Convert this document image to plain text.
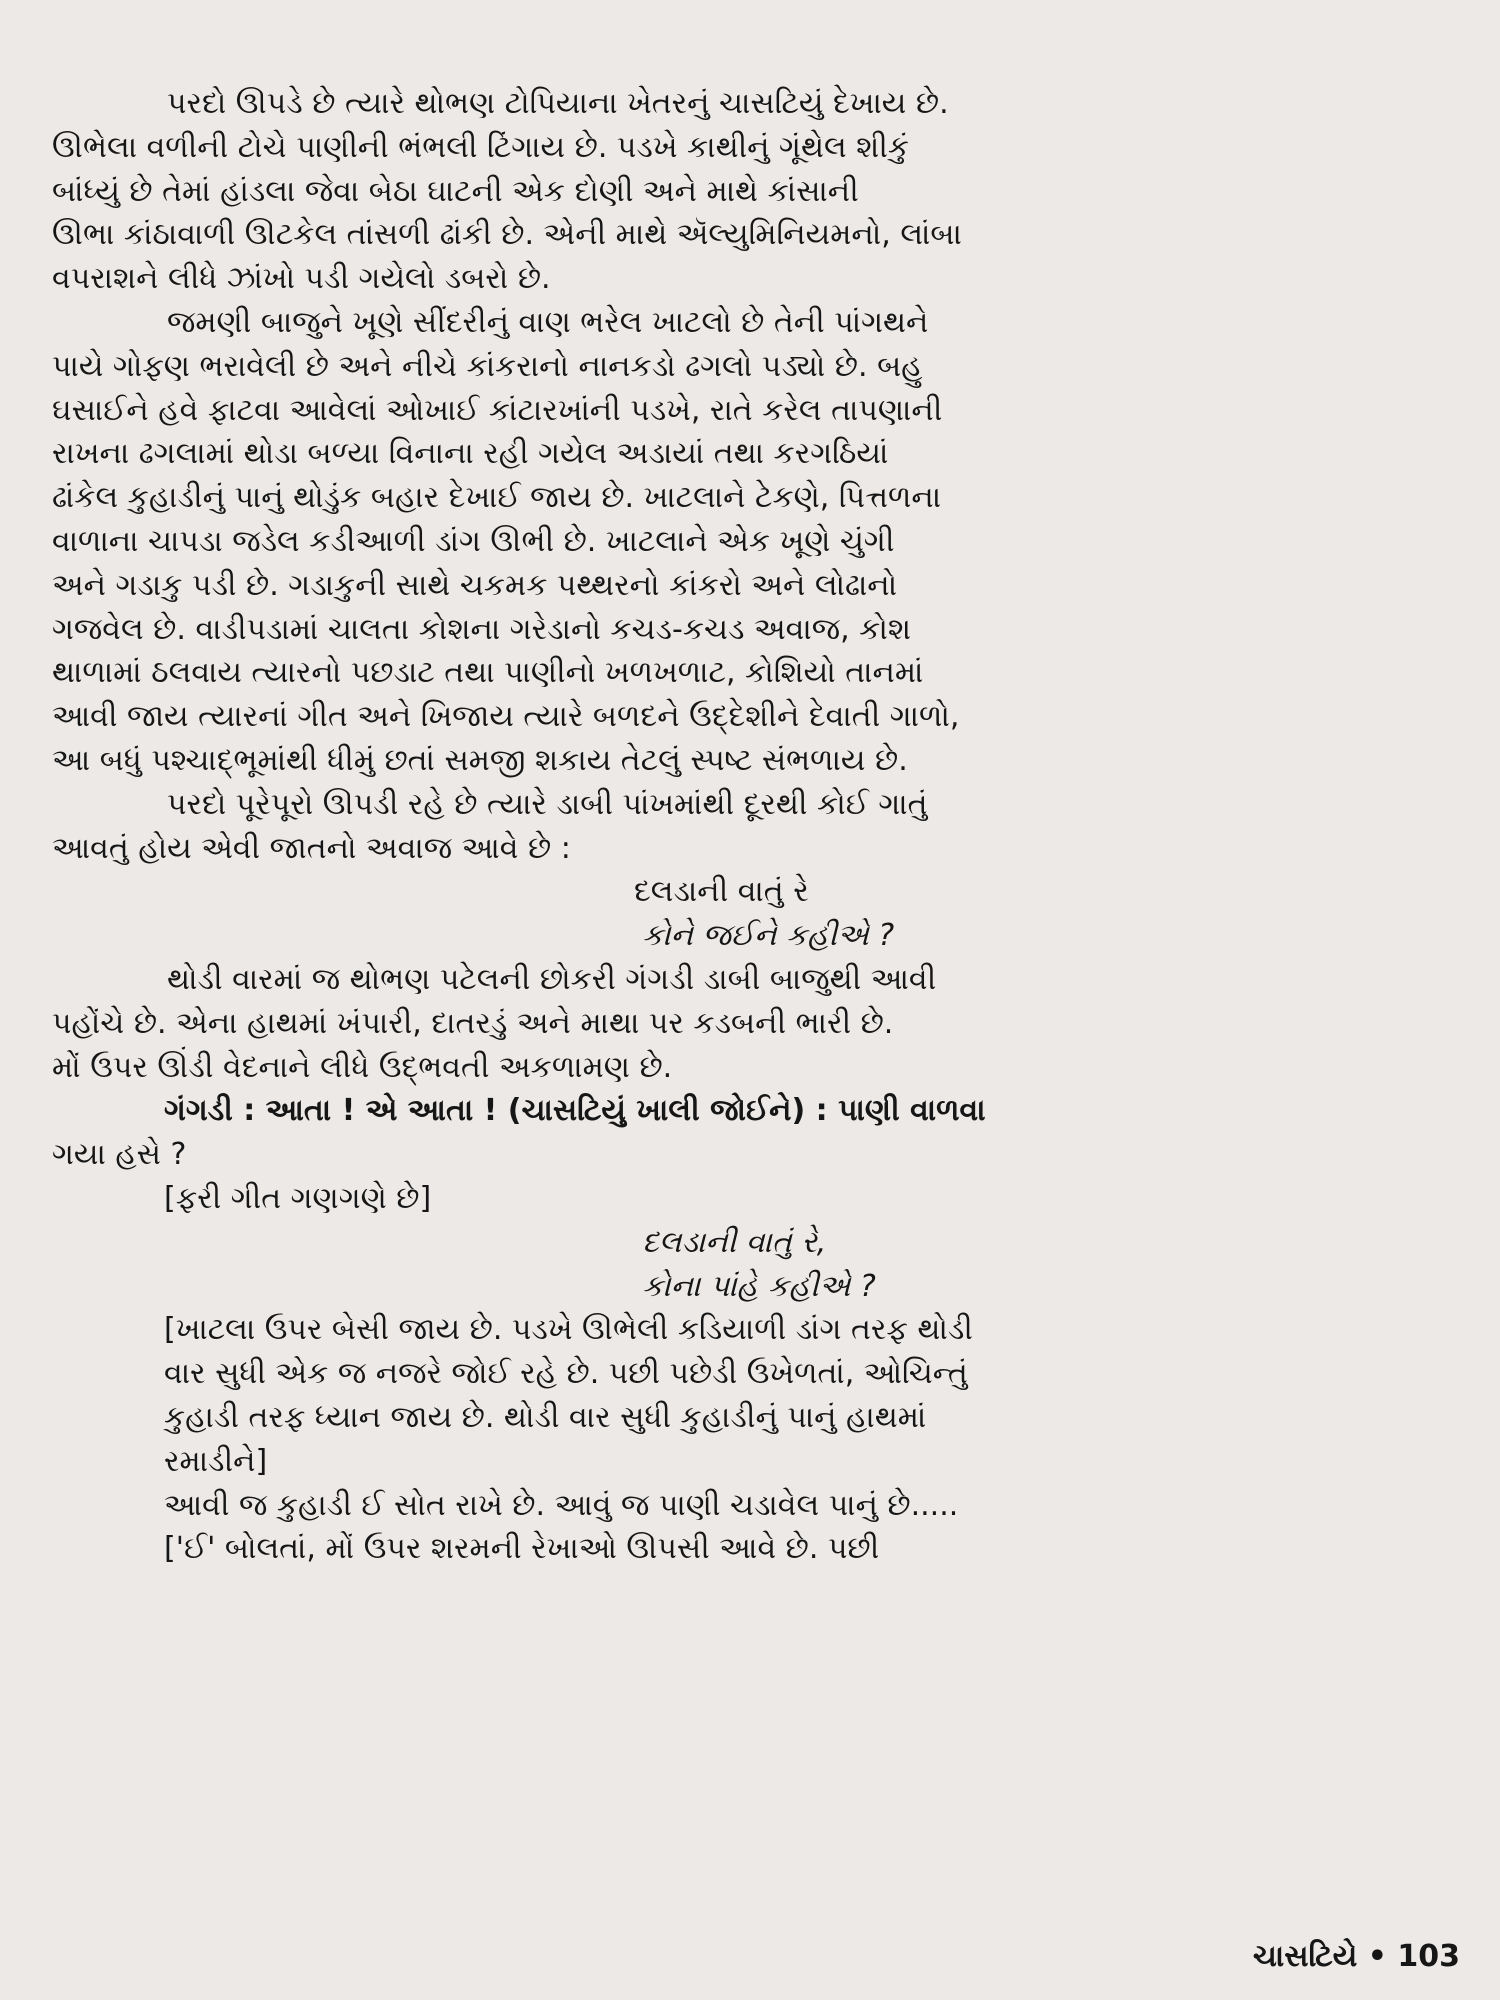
પરદો ઊપડે છે ત્યારે થોભણ ટોપિયાના ખેતરનું ચાસટિયું દેખાય છે.
ઊભેલા વળીની ટોચે પાણીની ભંભલી ટિંગાય છે. પડખે કાથીનું ગૂંથેલ શીકું
બાંધ્યું છે તેમાં હાંડલા જેવા બેઠા ઘાટની એક દોણી અને માથે કાંસાની
ઊભા કાંઠાવાળી ઊટકેલ તાંસળી ઢાંકી છે. એની માથે ઍલ્યુમિનિયમનો, લાંબા
વપરાશને લીધે ઝાંખો પડી ગયેલો ડબરો છે.
જમણી બાજુને ખૂણે સીંદરીનું વાણ ભરેલ ખાટલો છે તેની પાંગથને
પાયે ગોફણ ભરાવેલી છે અને નીચે કાંકરાનો નાનકડો ઢગલો પડ્યો છે. બહુ
ઘસાઈને હવે ફાટવા આવેલાં ઓખાઈ કાંટારખાંની પડખે, રાતે કરેલ તાપણાની
રાખના ઢગલામાં થોડા બળ્યા વિનાના રહી ગયેલ અડાયાં તથા કરગઠિયાં
ઢાંકેલ કુહાડીનું પાનું થોડુંક બહાર દેખાઈ જાય છે. ખાટલાને ટેકણે, પિત્તળના
વાળાના ચાપડા જડેલ કડીઆળી ડાંગ ઊભી છે. ખાટલાને એક ખૂણે ચુંગી
અને ગડાકુ પડી છે. ગડાકુની સાથે ચકમક પથ્થરનો કાંકરો અને લોઢાનો
ગજવેલ છે. વાડીપડામાં ચાલતા કોશના ગરેડાનો કચડ-કચડ અવાજ, કોશ
થાળામાં ઠલવાય ત્યારનો પછડાટ તથા પાણીનો ખળખળાટ, કોશિયો તાનમાં
આવી જાય ત્યારનાં ગીત અને ખિજાય ત્યારે બળદને ઉદ્દેશીને દેવાતી ગાળો,
આ બધું પશ્ચાદ્‌ભૂમાંથી ધીમું છતાં સમજી શકાય તેટલું સ્પષ્ટ સંભળાય છે.
પરદો પૂરેપૂરો ઊપડી રહે છે ત્યારે ડાબી પાંખમાંથી દૂરથી કોઈ ગાતું
આવતું હોય એવી જાતનો અવાજ આવે છે :
દલડાની વાતું રે
કોને જઈને કહીએ ?
થોડી વારમાં જ થોભણ પટેલની છોકરી ગંગડી ડાબી બાજુથી આવી
પહોંચે છે. એના હાથમાં ખંપારી, દાતરડું અને માથા પર કડબની ભારી છે.
મોં ઉપર ઊંડી વેદનાને લીધે ઉદ્‌ભવતી અકળામણ છે.
ગંગડી : આતા ! એ આતા ! (ચાસટિયું ખાલી જોઈને) : પાણી વાળવા
ગયા હસે ?
[ફરી ગીત ગણગણે છે]
દલડાની વાતું રે,
કોના પાંહે કહીએ ?
[ખાટલા ઉપર બેસી જાય છે. પડખે ઊભેલી કડિયાળી ડાંગ તરફ થોડી
વાર સુધી એક જ નજરે જોઈ રહે છે. પછી પછેડી ઉખેળતાં, ઓચિન્તું
કુહાડી તરફ ધ્યાન જાય છે. થોડી વાર સુધી કુહાડીનું પાનું હાથમાં
રમાડીને]
આવી જ કુહાડી ઈ સોત રાખે છે. આવું જ પાણી ચડાવેલ પાનું છે.....
['ઈ' બોલતાં, મોં ઉપર શરમની રેખાઓ ઊપસી આવે છે. પછી
ચાસટિયે • 103
